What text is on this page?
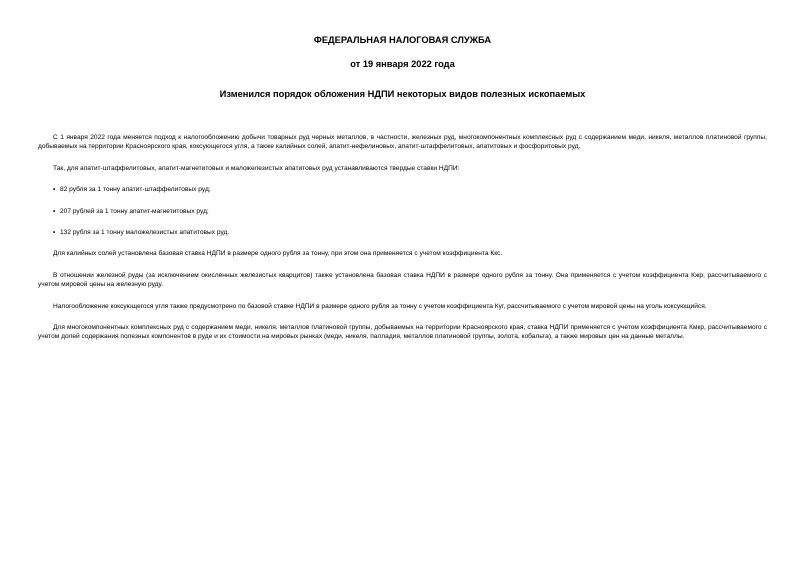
ФЕДЕРАЛЬНАЯ НАЛОГОВАЯ СЛУЖБА

от 19 января 2022 года

Изменился порядок обложения НДПИ некоторых видов полезных ископаемых

С 1 января 2022 года меняется подход к налогообложению добычи товарных руд черных металлов, в частности, железных руд, многокомпонентных комплексных руд с содержанием меди, никеля, металлов платиновой группы, добываемых на территории Красноярского края, коксующегося угля, а также калийных солей, апатит-нефелиновых, апатит-штаффелитовых, апатитовых и фосфоритовых руд.

Так, для апатит-штаффелитовых, апатит-магнетитовых и маложелезистых апатитовых руд устанавливаются твердые ставки НДПИ:

• 82 рубля за 1 тонну апатит-штаффелитовых руд;
• 207 рублей за 1 тонну апатит-магнетитовых руд;
• 132 рубля за 1 тонну маложелезистых апатитовых руд.

Для калийных солей установлена базовая ставка НДПИ в размере одного рубля за тонну, при этом она применяется с учетом коэффициента Ккс.

В отношении железной руды (за исключением окисленных железистых кварцитов) также установлена базовая ставка НДПИ в размере одного рубля за тонну. Она применяется с учетом коэффициента Кжр, рассчитываемого с учетом мировой цены на железную руду.

Налогообложение коксующегося угля также предусмотрено по базовой ставке НДПИ в размере одного рубля за тонну с учетом коэффициента Куг, рассчитываемого с учетом мировой цены на уголь коксующийся.

Для многокомпонентных комплексных руд с содержанием меди, никеля, металлов платиновой группы, добываемых на территории Красноярского края, ставка НДПИ применяется с учетом коэффициента Кмкр, рассчитываемого с учетом долей содержания полезных компонентов в руде и их стоимости на мировых рынках (меди, никеля, палладия, металлов платиновой группы, золота, кобальта), а также мировых цен на данные металлы.
